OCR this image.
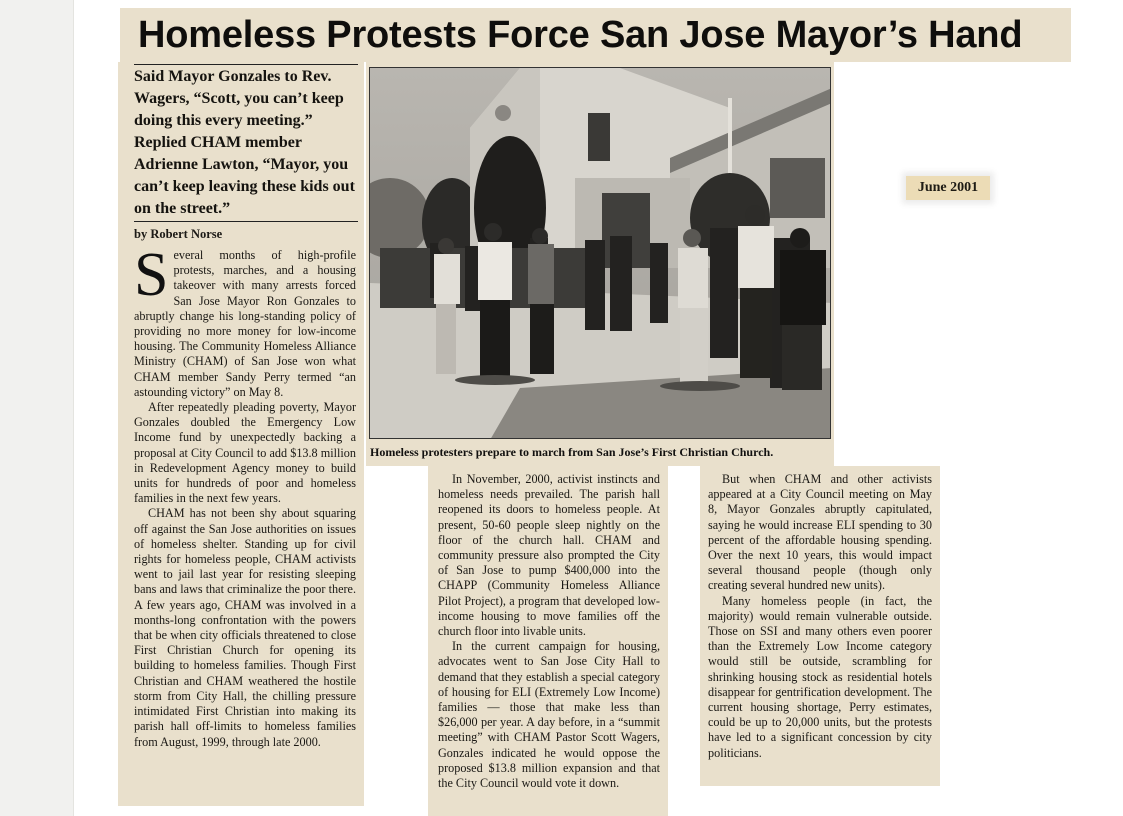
Homeless Protests Force San Jose Mayor’s Hand

Said Mayor Gonzales to Rev. Wagers, “Scott, you can’t keep doing this every meeting.” Replied CHAM member Adrienne Lawton, “Mayor, you can’t keep leaving these kids out on the street.”

by Robert Norse

Several months of high-profile protests, marches, and a housing takeover with many arrests forced San Jose Mayor Ron Gonzales to abruptly change his long-standing policy of providing no more money for low-income housing. The Community Homeless Alliance Ministry (CHAM) of San Jose won what CHAM member Sandy Perry termed “an astounding victory” on May 8.

After repeatedly pleading poverty, Mayor Gonzales doubled the Emergency Low Income fund by unexpectedly backing a proposal at City Council to add $13.8 million in Redevelopment Agency money to build units for hundreds of poor and homeless families in the next few years.

CHAM has not been shy about squaring off against the San Jose authorities on issues of homeless shelter. Standing up for civil rights for homeless people, CHAM activists went to jail last year for resisting sleeping bans and laws that criminalize the poor there. A few years ago, CHAM was involved in a months-long confrontation with the powers that be when city officials threatened to close First Christian Church for opening its building to homeless families. Though First Christian and CHAM weathered the hostile storm from City Hall, the chilling pressure intimidated First Christian into making its parish hall off-limits to homeless families from August, 1999, through late 2000.

Homeless protesters prepare to march from San Jose’s First Christian Church.

June 2001

In November, 2000, activist instincts and homeless needs prevailed. The parish hall reopened its doors to homeless people. At present, 50-60 people sleep nightly on the floor of the church hall. CHAM and community pressure also prompted the City of San Jose to pump $400,000 into the CHAPP (Community Homeless Alliance Pilot Project), a program that developed low-income housing to move families off the church floor into livable units.

In the current campaign for housing, advocates went to San Jose City Hall to demand that they establish a special category of housing for ELI (Extremely Low Income) families — those that make less than $26,000 per year. A day before, in a “summit meeting” with CHAM Pastor Scott Wagers, Gonzales indicated he would oppose the proposed $13.8 million expansion and that the City Council would vote it down.

But when CHAM and other activists appeared at a City Council meeting on May 8, Mayor Gonzales abruptly capitulated, saying he would increase ELI spending to 30 percent of the affordable housing spending. Over the next 10 years, this would impact several thousand people (though only creating several hundred new units).

Many homeless people (in fact, the majority) would remain vulnerable outside. Those on SSI and many others even poorer than the Extremely Low Income category would still be outside, scrambling for shrinking housing stock as residential hotels disappear for gentrification development. The current housing shortage, Perry estimates, could be up to 20,000 units, but the protests have led to a significant concession by city politicians.
